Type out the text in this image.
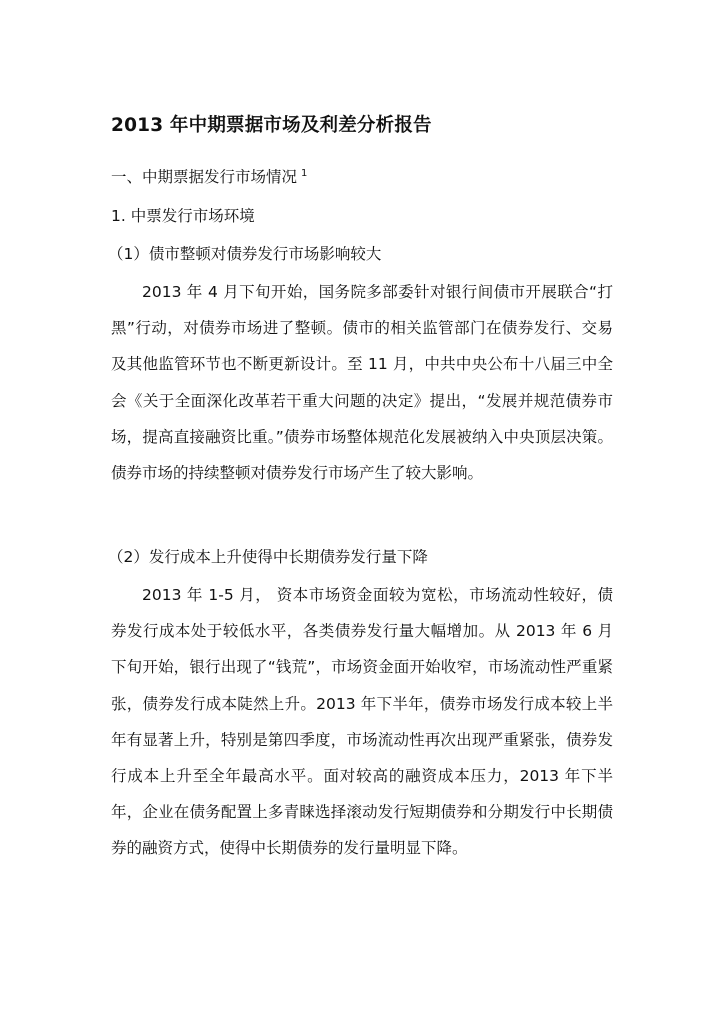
2013 年中期票据市场及利差分析报告
一、中期票据发行市场情况 $^1$
1. 中票发行市场环境
（1）债市整顿对债券发行市场影响较大

2013 年 4 月下旬开始，国务院多部委针对银行间债市开展联合“打黑”行动，对债券市场进了整顿。债市的相关监管部门在债券发行、交易及其他监管环节也不断更新设计。至 11 月，中共中央公布十八届三中全会《关于全面深化改革若干重大问题的决定》提出，“发展并规范债券市场，提高直接融资比重。”债券市场整体规范化发展被纳入中央顶层决策。债券市场的持续整顿对债券发行市场产生了较大影响。

（2）发行成本上升使得中长期债券发行量下降

2013 年 1-5 月， 资本市场资金面较为宽松，市场流动性较好，债券发行成本处于较低水平，各类债券发行量大幅增加。从 2013 年 6 月下旬开始，银行出现了“钱荒”，市场资金面开始收窄，市场流动性严重紧张，债券发行成本陡然上升。2013 年下半年，债券市场发行成本较上半年有显著上升，特别是第四季度，市场流动性再次出现严重紧张，债券发行成本上升至全年最高水平。面对较高的融资成本压力，2013 年下半年，企业在债务配置上多青睐选择滚动发行短期债券和分期发行中长期债券的融资方式，使得中长期债券的发行量明显下降。
